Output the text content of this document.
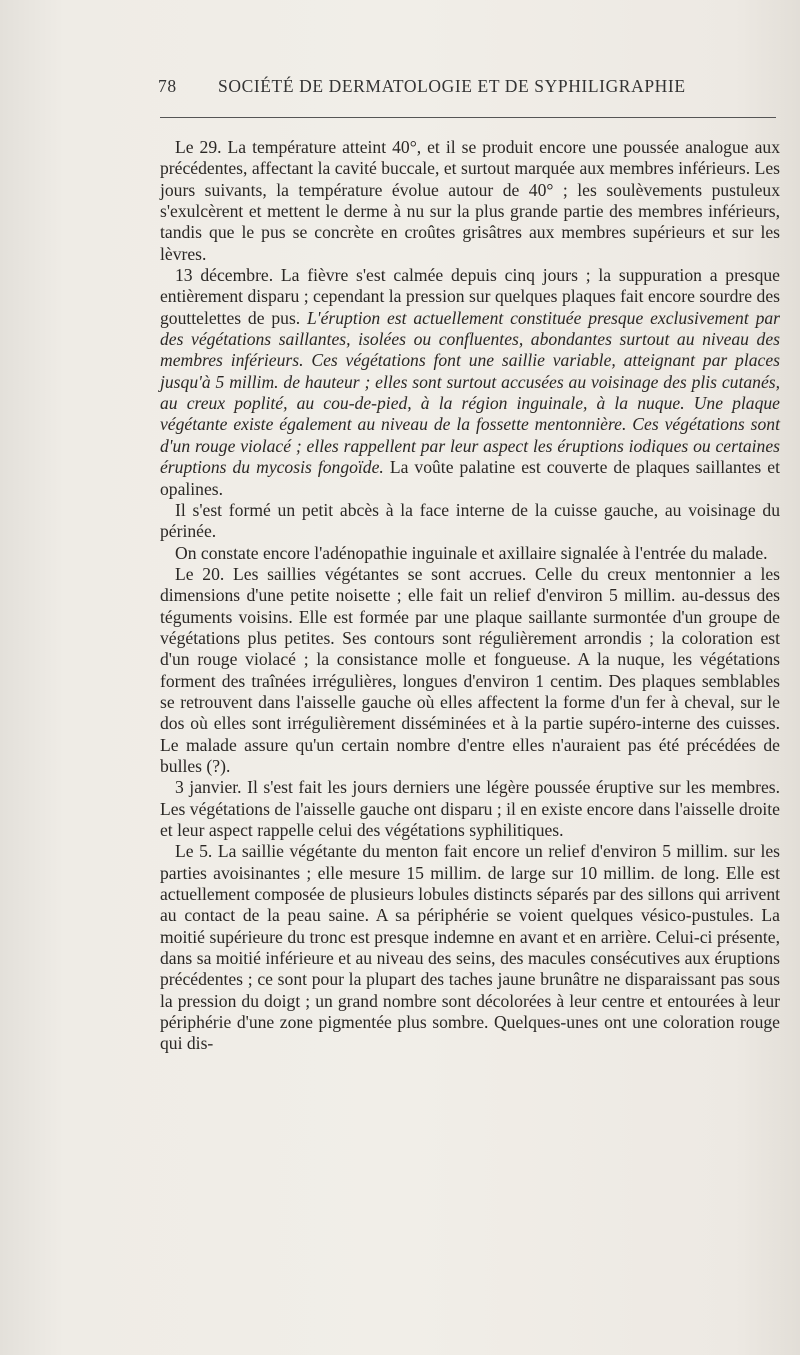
78 SOCIÉTÉ DE DERMATOLOGIE ET DE SYPHILIGRAPHIE

Le 29. La température atteint 40°, et il se produit encore une poussée analogue aux précédentes, affectant la cavité buccale, et surtout marquée aux membres inférieurs. Les jours suivants, la température évolue autour de 40° ; les soulèvements pustuleux s'exulcèrent et mettent le derme à nu sur la plus grande partie des membres inférieurs, tandis que le pus se concrète en croûtes grisâtres aux membres supérieurs et sur les lèvres.

13 décembre. La fièvre s'est calmée depuis cinq jours ; la suppuration a presque entièrement disparu ; cependant la pression sur quelques plaques fait encore sourdre des gouttelettes de pus. L'éruption est actuellement constituée presque exclusivement par des végétations saillantes, isolées ou confluentes, abondantes surtout au niveau des membres inférieurs. Ces végétations font une saillie variable, atteignant par places jusqu'à 5 millim. de hauteur ; elles sont surtout accusées au voisinage des plis cutanés, au creux poplité, au cou-de-pied, à la région inguinale, à la nuque. Une plaque végétante existe également au niveau de la fossette mentonnière. Ces végétations sont d'un rouge violacé ; elles rappellent par leur aspect les éruptions iodiques ou certaines éruptions du mycosis fongoïde. La voûte palatine est couverte de plaques saillantes et opalines.

Il s'est formé un petit abcès à la face interne de la cuisse gauche, au voisinage du périnée.

On constate encore l'adénopathie inguinale et axillaire signalée à l'entrée du malade.

Le 20. Les saillies végétantes se sont accrues. Celle du creux mentonnier a les dimensions d'une petite noisette ; elle fait un relief d'environ 5 millim. au-dessus des téguments voisins. Elle est formée par une plaque saillante surmontée d'un groupe de végétations plus petites. Ses contours sont régulièrement arrondis ; la coloration est d'un rouge violacé ; la consistance molle et fongueuse. A la nuque, les végétations forment des traînées irrégulières, longues d'environ 1 centim. Des plaques semblables se retrouvent dans l'aisselle gauche où elles affectent la forme d'un fer à cheval, sur le dos où elles sont irrégulièrement disséminées et à la partie supéro-interne des cuisses. Le malade assure qu'un certain nombre d'entre elles n'auraient pas été précédées de bulles (?).

3 janvier. Il s'est fait les jours derniers une légère poussée éruptive sur les membres. Les végétations de l'aisselle gauche ont disparu ; il en existe encore dans l'aisselle droite et leur aspect rappelle celui des végétations syphilitiques.

Le 5. La saillie végétante du menton fait encore un relief d'environ 5 millim. sur les parties avoisinantes ; elle mesure 15 millim. de large sur 10 millim. de long. Elle est actuellement composée de plusieurs lobules distincts séparés par des sillons qui arrivent au contact de la peau saine. A sa périphérie se voient quelques vésico-pustules. La moitié supérieure du tronc est presque indemne en avant et en arrière. Celui-ci présente, dans sa moitié inférieure et au niveau des seins, des macules consécutives aux éruptions précédentes ; ce sont pour la plupart des taches jaune brunâtre ne disparaissant pas sous la pression du doigt ; un grand nombre sont décolorées à leur centre et entourées à leur périphérie d'une zone pigmentée plus sombre. Quelques-unes ont une coloration rouge qui dis-
